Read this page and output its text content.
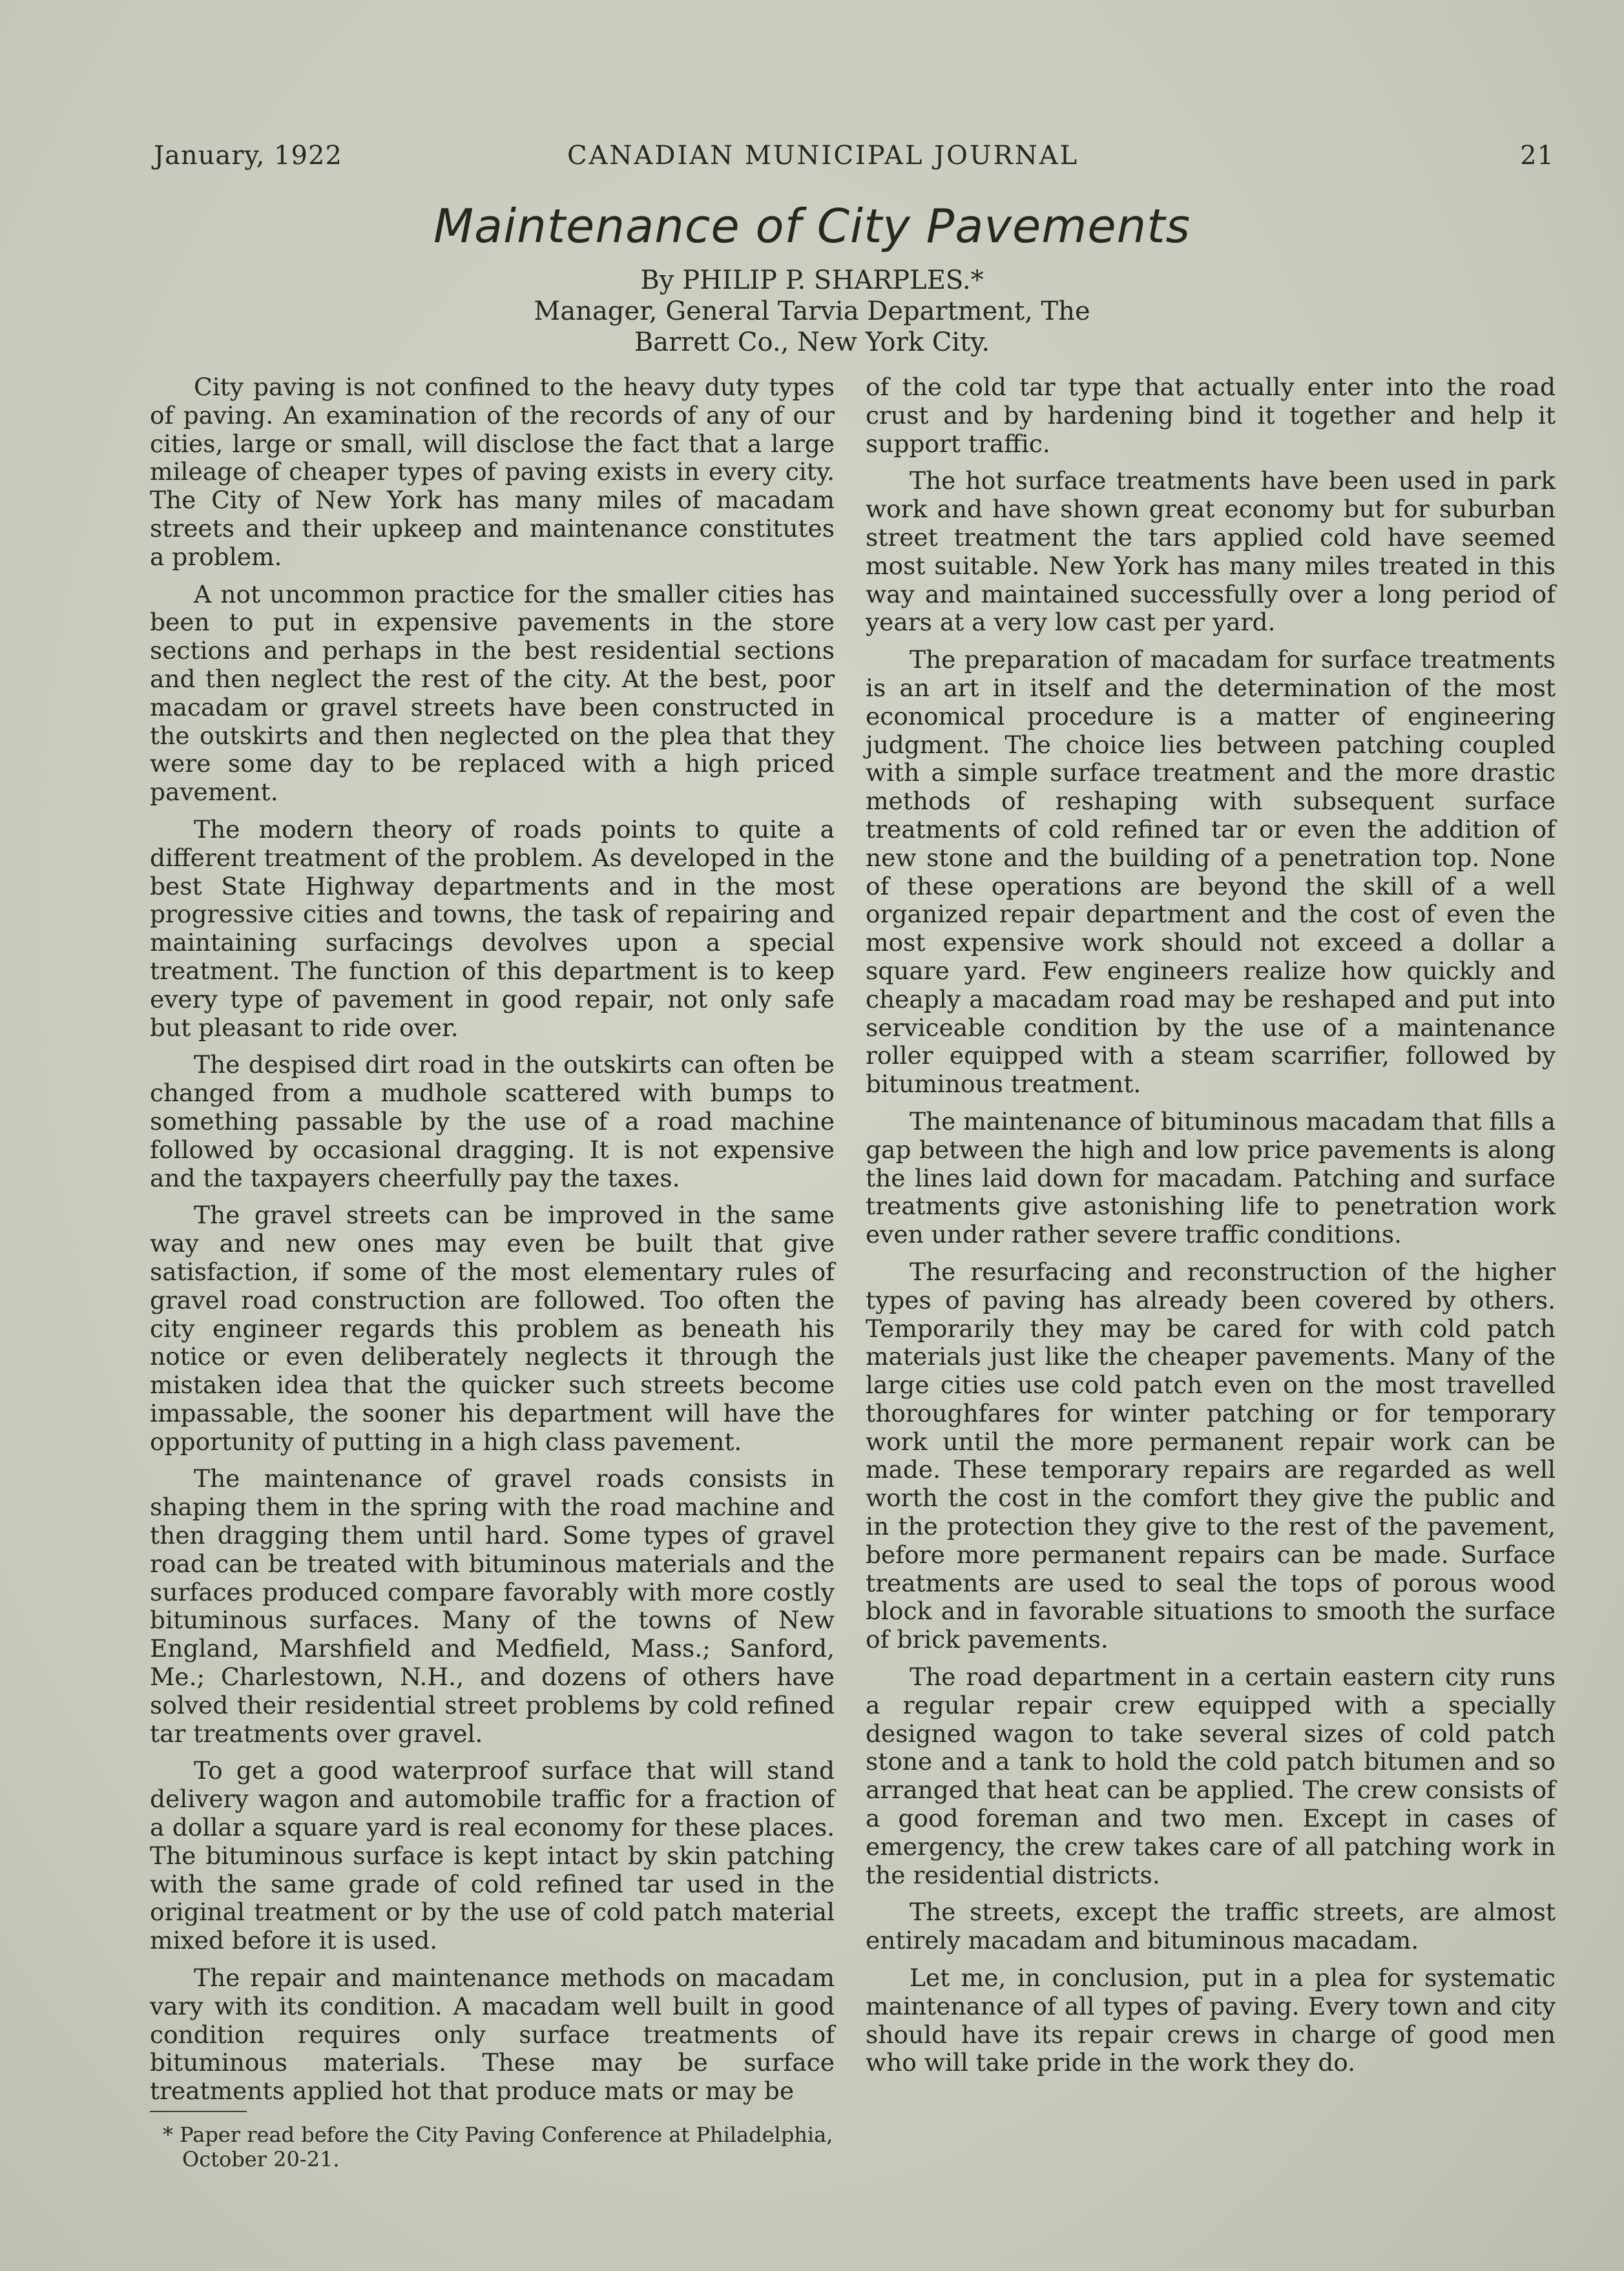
January, 1922	CANADIAN MUNICIPAL JOURNAL	21
Maintenance of City Pavements
By PHILIP P. SHARPLES.*
Manager, General Tarvia Department, The
Barrett Co., New York City.

City paving is not confined to the heavy duty types of paving. An examination of the records of any of our cities, large or small, will disclose the fact that a large mileage of cheaper types of paving exists in every city. The City of New York has many miles of macadam streets and their upkeep and maintenance constitutes a problem.

A not uncommon practice for the smaller cities has been to put in expensive pavements in the store sections and perhaps in the best residential sections and then neglect the rest of the city. At the best, poor macadam or gravel streets have been constructed in the outskirts and then neglected on the plea that they were some day to be replaced with a high priced pavement.

The modern theory of roads points to quite a different treatment of the problem. As developed in the best State Highway departments and in the most progressive cities and towns, the task of repairing and maintaining surfacings devolves upon a special treatment. The function of this department is to keep every type of pavement in good repair, not only safe but pleasant to ride over.

The despised dirt road in the outskirts can often be changed from a mudhole scattered with bumps to something passable by the use of a road machine followed by occasional dragging. It is not expensive and the taxpayers cheerfully pay the taxes.

The gravel streets can be improved in the same way and new ones may even be built that give satisfaction, if some of the most elementary rules of gravel road construction are followed. Too often the city engineer regards this problem as beneath his notice or even deliberately neglects it through the mistaken idea that the quicker such streets become impassable, the sooner his department will have the opportunity of putting in a high class pavement.

The maintenance of gravel roads consists in shaping them in the spring with the road machine and then dragging them until hard. Some types of gravel road can be treated with bituminous materials and the surfaces produced compare favorably with more costly bituminous surfaces. Many of the towns of New England, Marshfield and Medfield, Mass.; Sanford, Me.; Charlestown, N.H., and dozens of others have solved their residential street problems by cold refined tar treatments over gravel.

To get a good waterproof surface that will stand delivery wagon and automobile traffic for a fraction of a dollar a square yard is real economy for these places. The bituminous surface is kept intact by skin patching with the same grade of cold refined tar used in the original treatment or by the use of cold patch material mixed before it is used.

The repair and maintenance methods on macadam vary with its condition. A macadam well built in good condition requires only surface treatments of bituminous materials. These may be surface treatments applied hot that produce mats or may be

* Paper read before the City Paving Conference at Philadelphia, October 20-21.

of the cold tar type that actually enter into the road crust and by hardening bind it together and help it support traffic.

The hot surface treatments have been used in park work and have shown great economy but for suburban street treatment the tars applied cold have seemed most suitable. New York has many miles treated in this way and maintained successfully over a long period of years at a very low cast per yard.

The preparation of macadam for surface treatments is an art in itself and the determination of the most economical procedure is a matter of engineering judgment. The choice lies between patching coupled with a simple surface treatment and the more drastic methods of reshaping with subsequent surface treatments of cold refined tar or even the addition of new stone and the building of a penetration top. None of these operations are beyond the skill of a well organized repair department and the cost of even the most expensive work should not exceed a dollar a square yard. Few engineers realize how quickly and cheaply a macadam road may be reshaped and put into serviceable condition by the use of a maintenance roller equipped with a steam scarrifier, followed by bituminous treatment.

The maintenance of bituminous macadam that fills a gap between the high and low price pavements is along the lines laid down for macadam. Patching and surface treatments give astonishing life to penetration work even under rather severe traffic conditions.

The resurfacing and reconstruction of the higher types of paving has already been covered by others. Temporarily they may be cared for with cold patch materials just like the cheaper pavements. Many of the large cities use cold patch even on the most travelled thoroughfares for winter patching or for temporary work until the more permanent repair work can be made. These temporary repairs are regarded as well worth the cost in the comfort they give the public and in the protection they give to the rest of the pavement, before more permanent repairs can be made. Surface treatments are used to seal the tops of porous wood block and in favorable situations to smooth the surface of brick pavements.

The road department in a certain eastern city runs a regular repair crew equipped with a specially designed wagon to take several sizes of cold patch stone and a tank to hold the cold patch bitumen and so arranged that heat can be applied. The crew consists of a good foreman and two men. Except in cases of emergency, the crew takes care of all patching work in the residential districts.

The streets, except the traffic streets, are almost entirely macadam and bituminous macadam.

Let me, in conclusion, put in a plea for systematic maintenance of all types of paving. Every town and city should have its repair crews in charge of good men who will take pride in the work they do.
